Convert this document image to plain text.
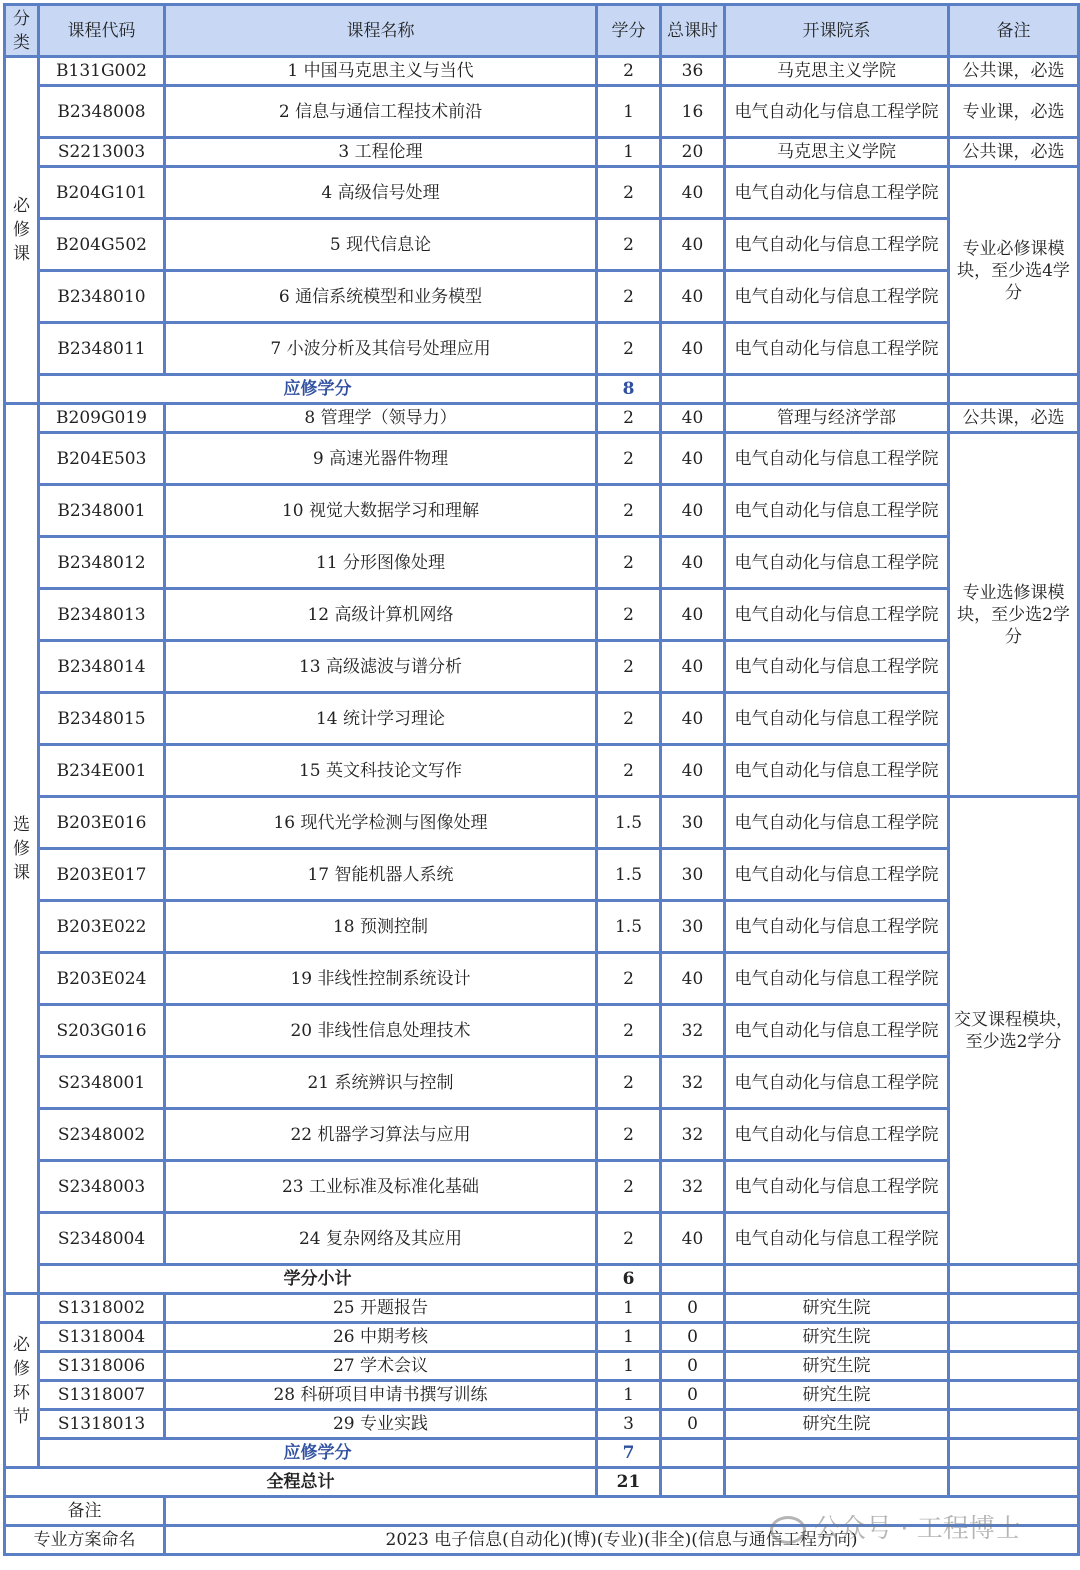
分类	课程代码	课程名称	学分	总课时	开课院系	备注
必修课	B131G002	1 中国马克思主义与当代	2	36	马克思主义学院	公共课，必选
	B2348008	2 信息与通信工程技术前沿	1	16	电气自动化与信息工程学院	专业课，必选
	S2213003	3 工程伦理	1	20	马克思主义学院	公共课，必选
	B204G101	4 高级信号处理	2	40	电气自动化与信息工程学院	专业必修课模块，至少选4学分
	B204G502	5 现代信息论	2	40	电气自动化与信息工程学院	
	B2348010	6 通信系统模型和业务模型	2	40	电气自动化与信息工程学院	
	B2348011	7 小波分析及其信号处理应用	2	40	电气自动化与信息工程学院	
	应修学分		8			
选修课	B209G019	8 管理学（领导力）	2	40	管理与经济学部	公共课，必选
	B204E503	9 高速光器件物理	2	40	电气自动化与信息工程学院	专业选修课模块，至少选2学分
	B2348001	10 视觉大数据学习和理解	2	40	电气自动化与信息工程学院	
	B2348012	11 分形图像处理	2	40	电气自动化与信息工程学院	
	B2348013	12 高级计算机网络	2	40	电气自动化与信息工程学院	
	B2348014	13 高级滤波与谱分析	2	40	电气自动化与信息工程学院	
	B2348015	14 统计学习理论	2	40	电气自动化与信息工程学院	
	B234E001	15 英文科技论文写作	2	40	电气自动化与信息工程学院	
	B203E016	16 现代光学检测与图像处理	1.5	30	电气自动化与信息工程学院	交叉课程模块，至少选2学分
	B203E017	17 智能机器人系统	1.5	30	电气自动化与信息工程学院	
	B203E022	18 预测控制	1.5	30	电气自动化与信息工程学院	
	B203E024	19 非线性控制系统设计	2	40	电气自动化与信息工程学院	
	S203G016	20 非线性信息处理技术	2	32	电气自动化与信息工程学院	
	S2348001	21 系统辨识与控制	2	32	电气自动化与信息工程学院	
	S2348002	22 机器学习算法与应用	2	32	电气自动化与信息工程学院	
	S2348003	23 工业标准及标准化基础	2	32	电气自动化与信息工程学院	
	S2348004	24 复杂网络及其应用	2	40	电气自动化与信息工程学院	
	学分小计		6			
必修环节	S1318002	25 开题报告	1	0	研究生院	
	S1318004	26 中期考核	1	0	研究生院	
	S1318006	27 学术会议	1	0	研究生院	
	S1318007	28 科研项目申请书撰写训练	1	0	研究生院	
	S1318013	29 专业实践	3	0	研究生院	
	应修学分		7			
全程总计			21			
备注						
专业方案命名		2023 电子信息(自动化)(博)(专业)(非全)(信息与通信工程方向)				
公众号 · 工程博士
